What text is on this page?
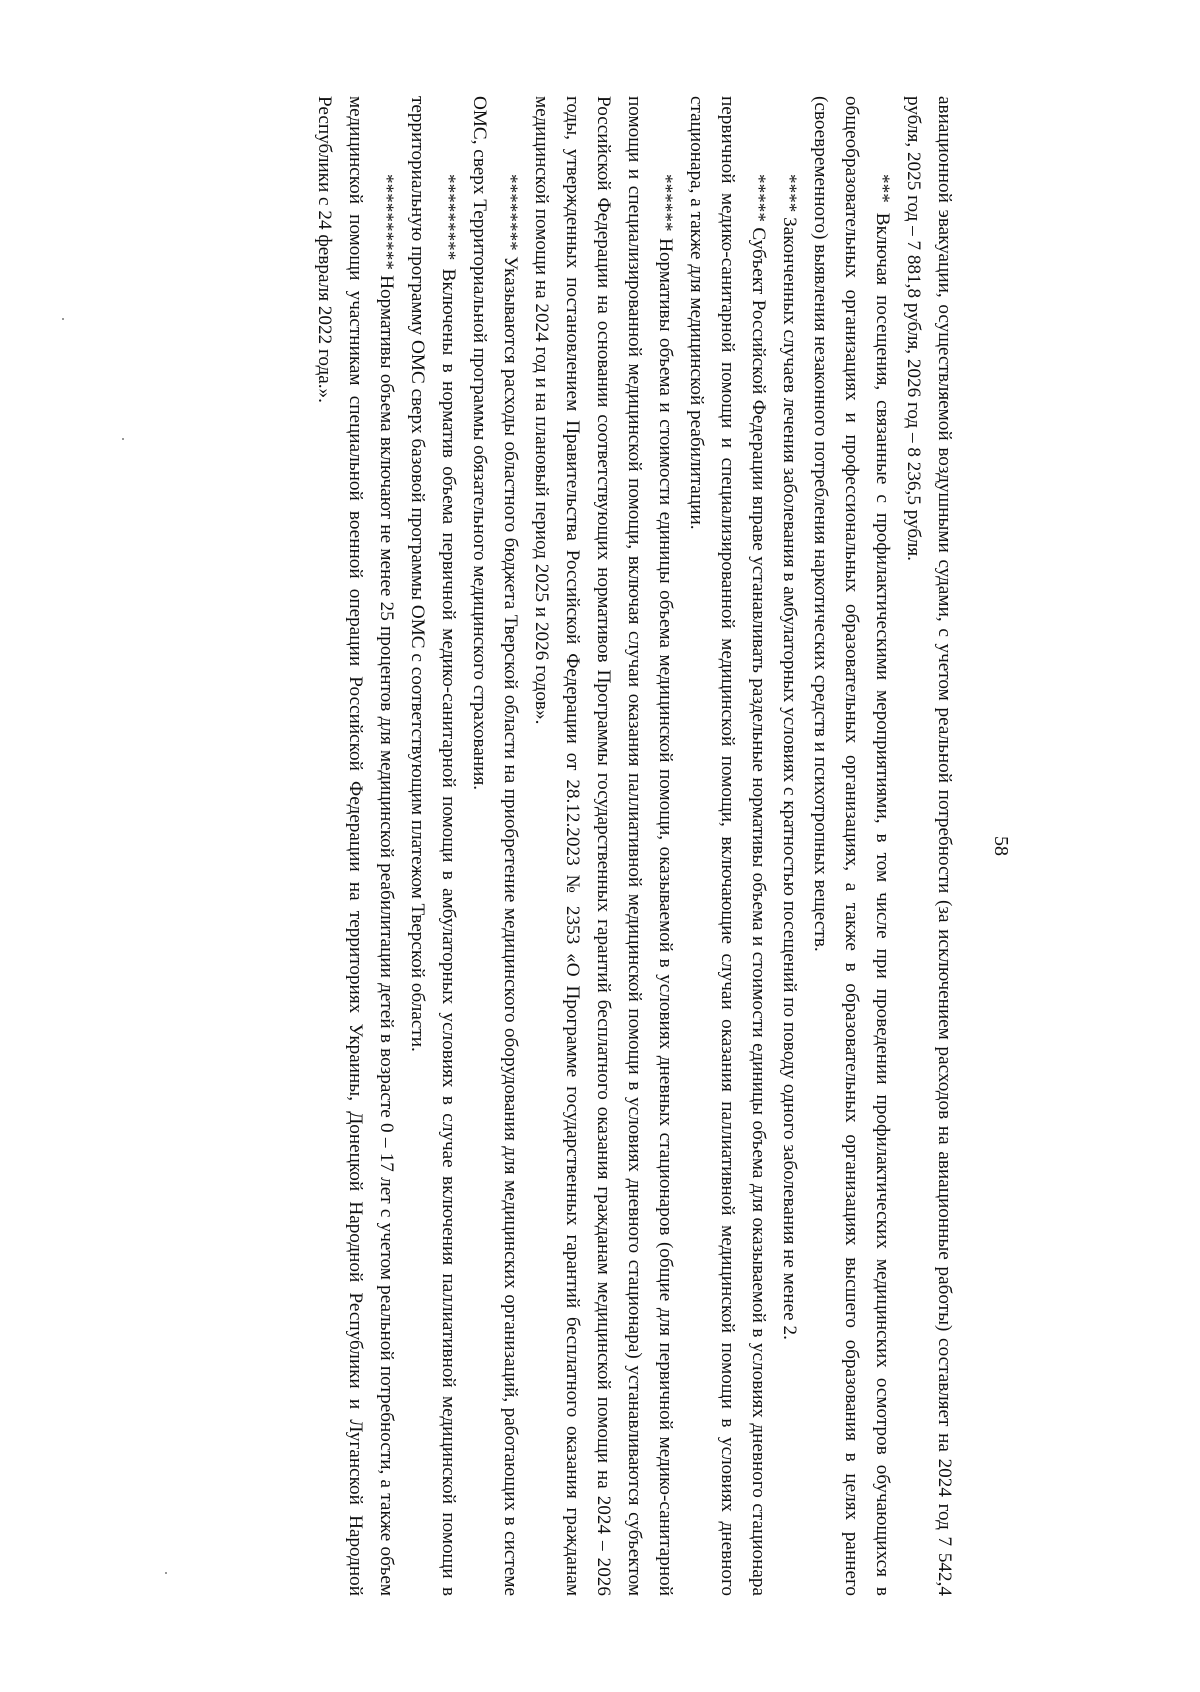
58

авиационной эвакуации, осуществляемой воздушными судами, с учетом реальной потребности (за исключением расходов на авиационные работы) составляет на 2024 год 7 542,4 рубля, 2025 год – 7 881,8 рубля, 2026 год – 8 236,5 рубля.

*** Включая посещения, связанные с профилактическими мероприятиями, в том числе при проведении профилактических медицинских осмотров обучающихся в общеобразовательных организациях и профессиональных образовательных организациях, а также в образовательных организациях высшего образования в целях раннего (своевременного) выявления незаконного потребления наркотических средств и психотропных веществ.

**** Законченных случаев лечения заболевания в амбулаторных условиях с кратностью посещений по поводу одного заболевания не менее 2.

***** Субъект Российской Федерации вправе устанавливать раздельные нормативы объема и стоимости единицы объема для оказываемой в условиях дневного стационара первичной медико-санитарной помощи и специализированной медицинской помощи, включающие случаи оказания паллиативной медицинской помощи в условиях дневного стационара, а также для медицинской реабилитации.

****** Нормативы объема и стоимости единицы объема медицинской помощи, оказываемой в условиях дневных стационаров (общие для первичной медико-санитарной помощи и специализированной медицинской помощи, включая случаи оказания паллиативной медицинской помощи в условиях дневного стационара) устанавливаются субъектом Российской Федерации на основании соответствующих нормативов Программы государственных гарантий бесплатного оказания гражданам медицинской помощи на 2024 – 2026 годы, утвержденных постановлением Правительства Российской Федерации от 28.12.2023 № 2353 «О Программе государственных гарантий бесплатного оказания гражданам медицинской помощи на 2024 год и на плановый период 2025 и 2026 годов».

******** Указываются расходы областного бюджета Тверской области на приобретение медицинского оборудования для медицинских организаций, работающих в системе ОМС, сверх Территориальной программы обязательного медицинского страхования.

********* Включены в норматив объема первичной медико-санитарной помощи в амбулаторных условиях в случае включения паллиативной медицинской помощи в территориальную программу ОМС сверх базовой программы ОМС с соответствующим платежом Тверской области.

********** Нормативы объема включают не менее 25 процентов для медицинской реабилитации детей в возрасте 0 – 17 лет с учетом реальной потребности, а также объем медицинской помощи участникам специальной военной операции Российской Федерации на территориях Украины, Донецкой Народной Республики и Луганской Народной Республики с 24 февраля 2022 года.».
